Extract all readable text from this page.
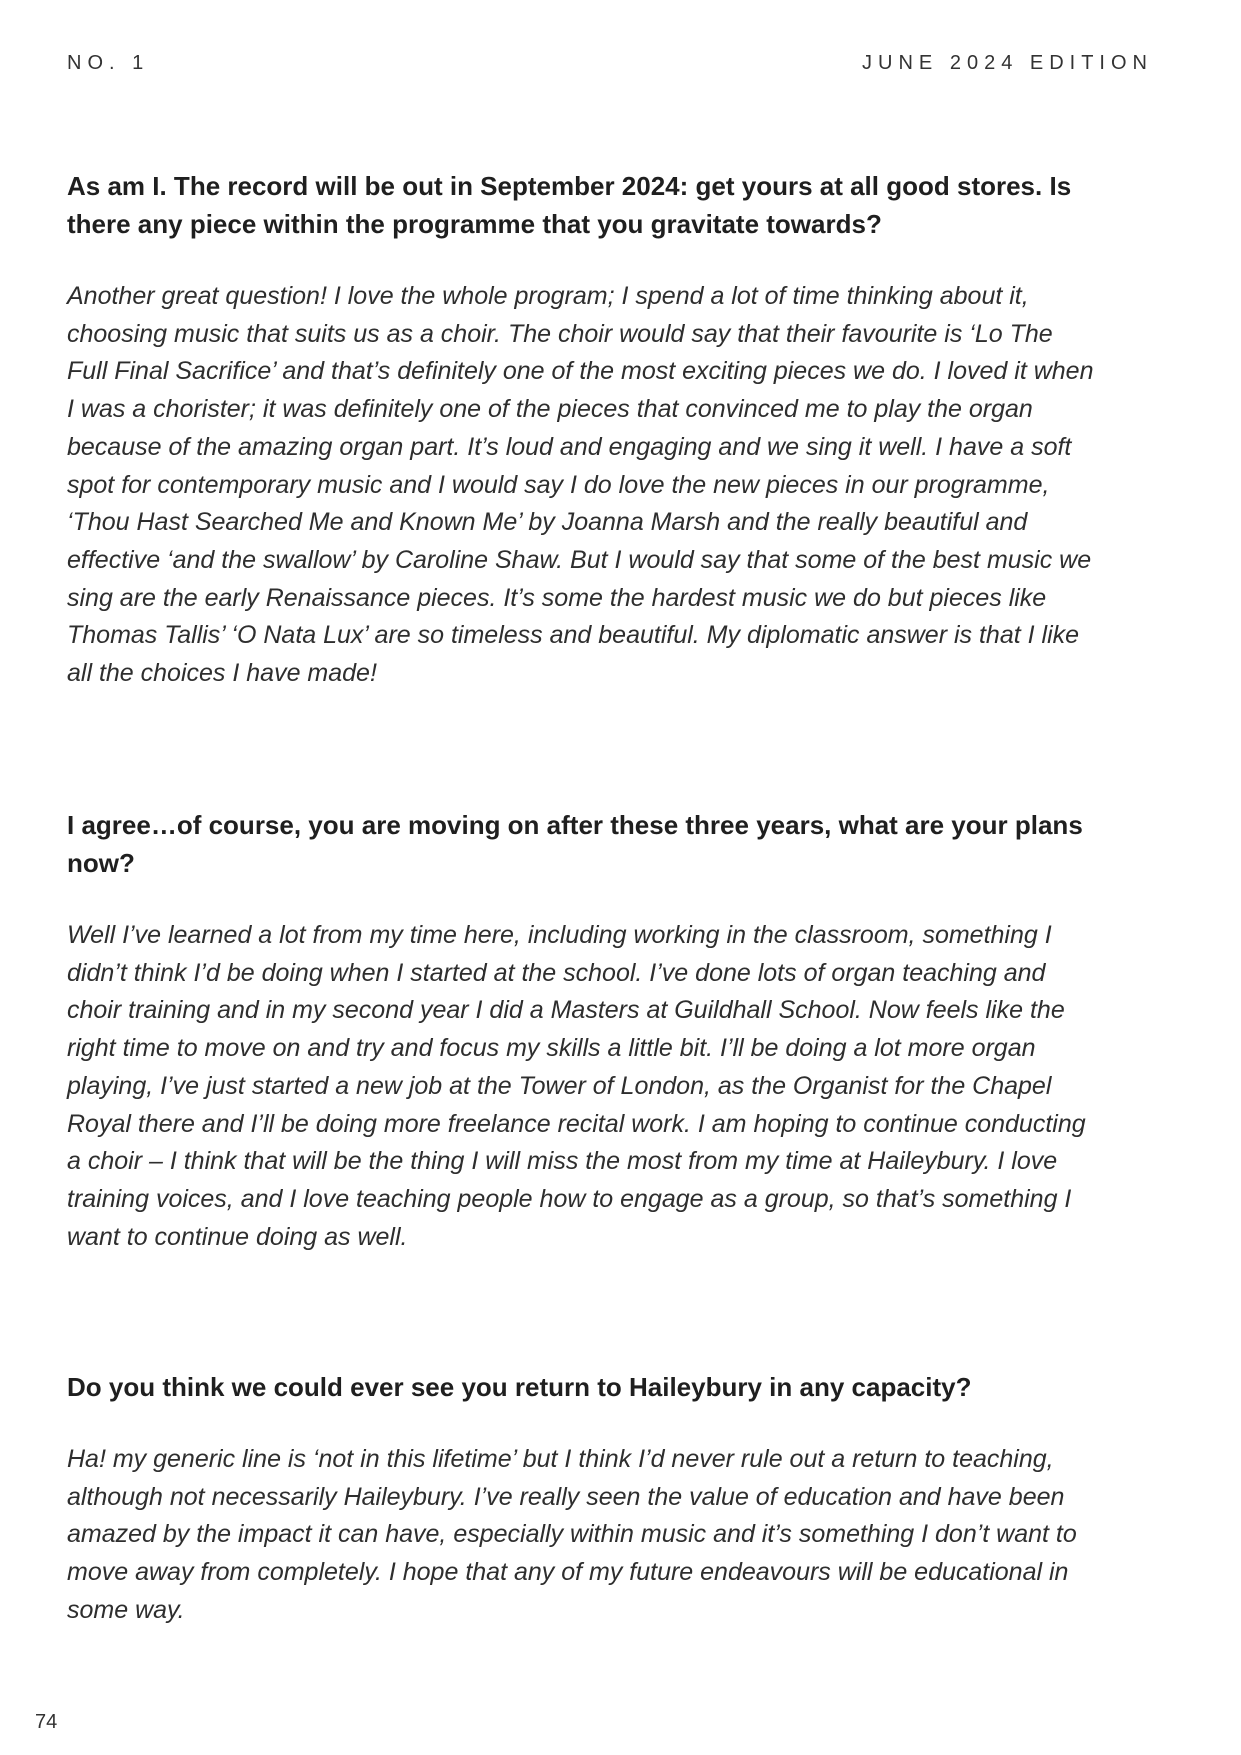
NO. 1	JUNE 2024 EDITION

As am I. The record will be out in September 2024: get yours at all good stores. Is
there any piece within the programme that you gravitate towards?

Another great question! I love the whole program; I spend a lot of time thinking about it,
choosing music that suits us as a choir. The choir would say that their favourite is ‘Lo The
Full Final Sacrifice’ and that’s definitely one of the most exciting pieces we do. I loved it when
I was a chorister; it was definitely one of the pieces that convinced me to play the organ
because of the amazing organ part. It’s loud and engaging and we sing it well. I have a soft
spot for contemporary music and I would say I do love the new pieces in our programme,
‘Thou Hast Searched Me and Known Me’ by Joanna Marsh and the really beautiful and
effective ‘and the swallow’ by Caroline Shaw. But I would say that some of the best music we
sing are the early Renaissance pieces. It’s some the hardest music we do but pieces like
Thomas Tallis’ ‘O Nata Lux’ are so timeless and beautiful. My diplomatic answer is that I like
all the choices I have made!

I agree…of course, you are moving on after these three years, what are your plans
now?

Well I’ve learned a lot from my time here, including working in the classroom, something I
didn’t think I’d be doing when I started at the school. I’ve done lots of organ teaching and
choir training and in my second year I did a Masters at Guildhall School. Now feels like the
right time to move on and try and focus my skills a little bit. I’ll be doing a lot more organ
playing, I’ve just started a new job at the Tower of London, as the Organist for the Chapel
Royal there and I’ll be doing more freelance recital work. I am hoping to continue conducting
a choir – I think that will be the thing I will miss the most from my time at Haileybury. I love
training voices, and I love teaching people how to engage as a group, so that’s something I
want to continue doing as well.

Do you think we could ever see you return to Haileybury in any capacity?

Ha! my generic line is ‘not in this lifetime’ but I think I’d never rule out a return to teaching,
although not necessarily Haileybury. I’ve really seen the value of education and have been
amazed by the impact it can have, especially within music and it’s something I don’t want to
move away from completely. I hope that any of my future endeavours will be educational in
some way.

74
